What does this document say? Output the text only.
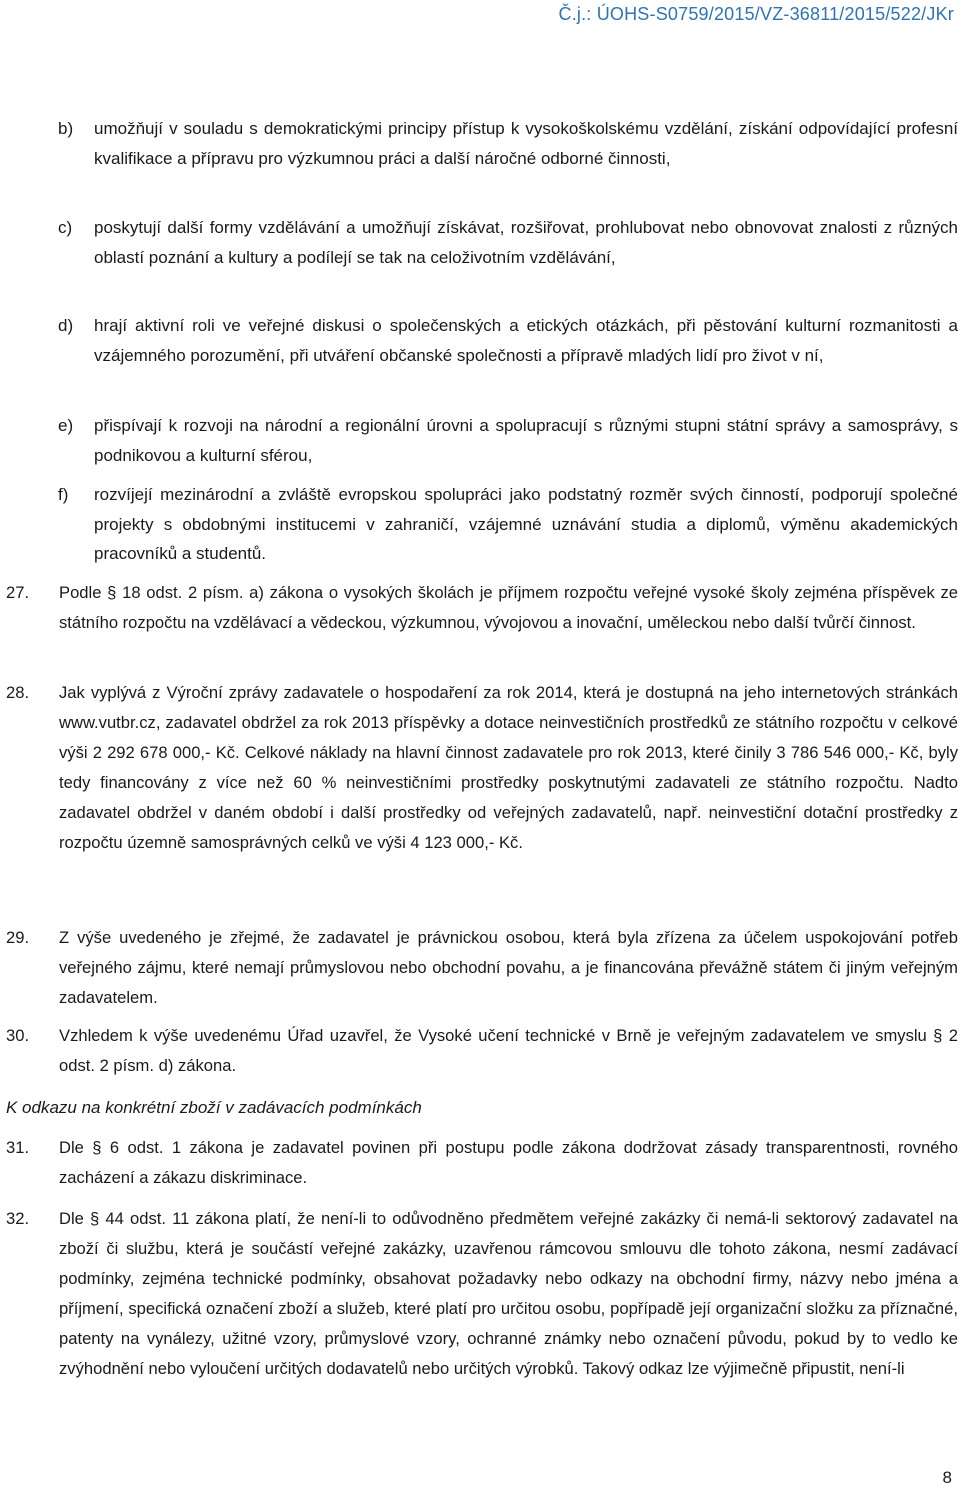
Č.j.: ÚOHS-S0759/2015/VZ-36811/2015/522/JKr
b) umožňují v souladu s demokratickými principy přístup k vysokoškolskému vzdělání, získání odpovídající profesní kvalifikace a přípravu pro výzkumnou práci a další náročné odborné činnosti,
c) poskytují další formy vzdělávání a umožňují získávat, rozšiřovat, prohlubovat nebo obnovovat znalosti z různých oblastí poznání a kultury a podílejí se tak na celoživotním vzdělávání,
d) hrají aktivní roli ve veřejné diskusi o společenských a etických otázkách, při pěstování kulturní rozmanitosti a vzájemného porozumění, při utváření občanské společnosti a přípravě mladých lidí pro život v ní,
e) přispívají k rozvoji na národní a regionální úrovni a spolupracují s různými stupni státní správy a samosprávy, s podnikovou a kulturní sférou,
f) rozvíjejí mezinárodní a zvláště evropskou spolupráci jako podstatný rozměr svých činností, podporují společné projekty s obdobnými institucemi v zahraničí, vzájemné uznávání studia a diplomů, výměnu akademických pracovníků a studentů.
27. Podle § 18 odst. 2 písm. a) zákona o vysokých školách je příjmem rozpočtu veřejné vysoké školy zejména příspěvek ze státního rozpočtu na vzdělávací a vědeckou, výzkumnou, vývojovou a inovační, uměleckou nebo další tvůrčí činnost.
28. Jak vyplývá z Výroční zprávy zadavatele o hospodaření za rok 2014, která je dostupná na jeho internetových stránkách www.vutbr.cz, zadavatel obdržel za rok 2013 příspěvky a dotace neinvestičních prostředků ze státního rozpočtu v celkové výši 2 292 678 000,- Kč. Celkové náklady na hlavní činnost zadavatele pro rok 2013, které činily 3 786 546 000,- Kč, byly tedy financovány z více než 60 % neinvestičními prostředky poskytnutými zadavateli ze státního rozpočtu. Nadto zadavatel obdržel v daném období i další prostředky od veřejných zadavatelů, např. neinvestiční dotační prostředky z rozpočtu územně samosprávných celků ve výši 4 123 000,- Kč.
29. Z výše uvedeného je zřejmé, že zadavatel je právnickou osobou, která byla zřízena za účelem uspokojování potřeb veřejného zájmu, které nemají průmyslovou nebo obchodní povahu, a je financována převážně státem či jiným veřejným zadavatelem.
30. Vzhledem k výše uvedenému Úřad uzavřel, že Vysoké učení technické v Brně je veřejným zadavatelem ve smyslu § 2 odst. 2 písm. d) zákona.
K odkazu na konkrétní zboží v zadávacích podmínkách
31. Dle § 6 odst. 1 zákona je zadavatel povinen při postupu podle zákona dodržovat zásady transparentnosti, rovného zacházení a zákazu diskriminace.
32. Dle § 44 odst. 11 zákona platí, že není-li to odůvodněno předmětem veřejné zakázky či nemá-li sektorový zadavatel na zboží či službu, která je součástí veřejné zakázky, uzavřenou rámcovou smlouvu dle tohoto zákona, nesmí zadávací podmínky, zejména technické podmínky, obsahovat požadavky nebo odkazy na obchodní firmy, názvy nebo jména a příjmení, specifická označení zboží a služeb, které platí pro určitou osobu, popřípadě její organizační složku za příznačné, patenty na vynálezy, užitné vzory, průmyslové vzory, ochranné známky nebo označení původu, pokud by to vedlo ke zvýhodnění nebo vyloučení určitých dodavatelů nebo určitých výrobků. Takový odkaz lze výjimečně připustit, není-li
8
